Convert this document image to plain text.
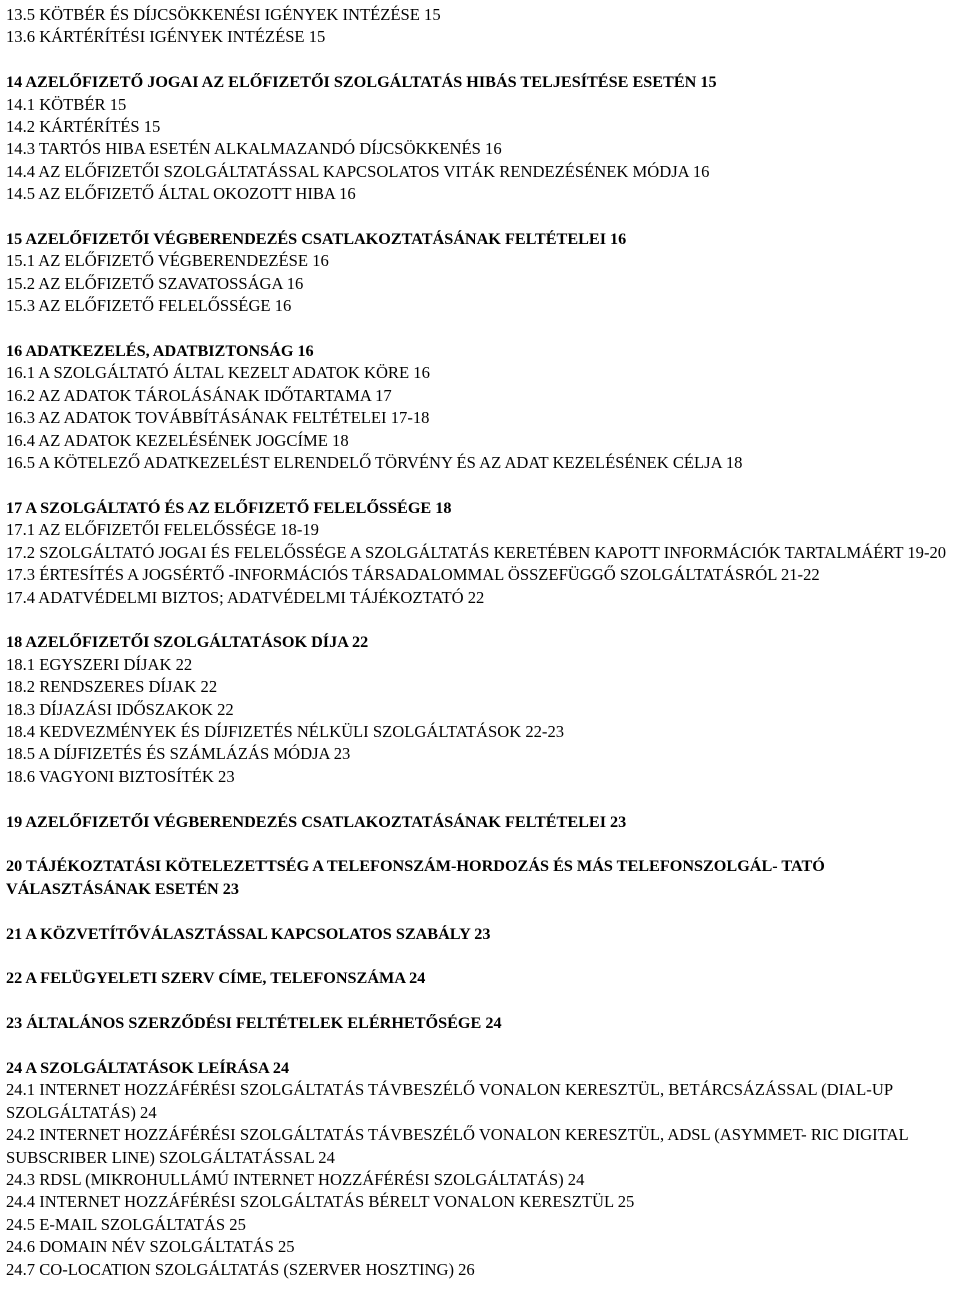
13.5 KÖTBÉR ÉS DÍJCSÖKKENÉSI IGÉNYEK INTÉZÉSE 15

13.6 KÁRTÉRÍTÉSI IGÉNYEK INTÉZÉSE 15

14 AZELŐFIZETŐ JOGAI AZ ELŐFIZETŐI SZOLGÁLTATÁS HIBÁS TELJESÍTÉSE ESETÉN 15

14.1 KÖTBÉR 15

14.2 KÁRTÉRÍTÉS 15

14.3 TARTÓS HIBA ESETÉN ALKALMAZANDÓ DÍJCSÖKKENÉS 16

14.4 AZ ELŐFIZETŐI SZOLGÁLTATÁSSAL KAPCSOLATOS VITÁK RENDEZÉSÉNEK MÓDJA 16

14.5 AZ ELŐFIZETŐ ÁLTAL OKOZOTT HIBA 16

15 AZELŐFIZETŐI VÉGBERENDEZÉS CSATLAKOZTATÁSÁNAK FELTÉTELEI 16

15.1 AZ ELŐFIZETŐ VÉGBERENDEZÉSE 16

15.2 AZ ELŐFIZETŐ SZAVATOSSÁGA 16

15.3 AZ ELŐFIZETŐ FELELŐSSÉGE 16

16 ADATKEZELÉS, ADATBIZTONSÁG 16

16.1 A SZOLGÁLTATÓ ÁLTAL KEZELT ADATOK KÖRE 16

16.2 AZ ADATOK TÁROLÁSÁNAK IDŐTARTAMA 17

16.3 AZ ADATOK TOVÁBBÍTÁSÁNAK FELTÉTELEI 17-18

16.4 AZ ADATOK KEZELÉSÉNEK JOGCÍME 18

16.5 A KÖTELEZŐ ADATKEZELÉST ELRENDELŐ TÖRVÉNY ÉS AZ ADAT KEZELÉSÉNEK CÉLJA 18

17 A SZOLGÁLTATÓ ÉS AZ ELŐFIZETŐ FELELŐSSÉGE 18

17.1 AZ ELŐFIZETŐI FELELŐSSÉGE 18-19

17.2 SZOLGÁLTATÓ JOGAI ÉS FELELŐSSÉGE A SZOLGÁLTATÁS KERETÉBEN KAPOTT INFORMÁCIÓK TARTALMÁÉRT 19-20

17.3 ÉRTESÍTÉS A JOGSÉRTŐ -INFORMÁCIÓS TÁRSADALOMMAL ÖSSZEFÜGGŐ SZOLGÁLTATÁSRÓL 21-22

17.4 ADATVÉDELMI BIZTOS; ADATVÉDELMI TÁJÉKOZTATÓ 22

18 AZELŐFIZETŐI SZOLGÁLTATÁSOK DÍJA 22

18.1 EGYSZERI DÍJAK 22

18.2 RENDSZERES DÍJAK 22

18.3 DÍJAZÁSI IDŐSZAKOK 22

18.4 KEDVEZMÉNYEK ÉS DÍJFIZETÉS NÉLKÜLI SZOLGÁLTATÁSOK 22-23

18.5 A DÍJFIZETÉS ÉS SZÁMLÁZÁS MÓDJA 23

18.6 VAGYONI BIZTOSÍTÉK 23

19 AZELŐFIZETŐI VÉGBERENDEZÉS CSATLAKOZTATÁSÁNAK FELTÉTELEI 23

20 TÁJÉKOZTATÁSI KÖTELEZETTSÉG A TELEFONSZÁM-HORDOZÁS ÉS MÁS TELEFONSZOLGÁL- TATÓ VÁLASZTÁSÁNAK ESETÉN 23

21 A KÖZVETÍTŐVÁLASZTÁSSAL KAPCSOLATOS SZABÁLY 23

22 A FELÜGYELETI SZERV CÍME, TELEFONSZÁMA 24

23 ÁLTALÁNOS SZERZŐDÉSI FELTÉTELEK ELÉRHETŐSÉGE 24

24 A SZOLGÁLTATÁSOK LEÍRÁSA 24

24.1 INTERNET HOZZÁFÉRÉSI SZOLGÁLTATÁS TÁVBESZÉLŐ VONALON KERESZTÜL, BETÁRCSÁZÁSSAL (DIAL-UP SZOLGÁLTATÁS) 24

24.2 INTERNET HOZZÁFÉRÉSI SZOLGÁLTATÁS TÁVBESZÉLŐ VONALON KERESZTÜL, ADSL (ASYMMET- RIC DIGITAL SUBSCRIBER LINE) SZOLGÁLTATÁSSAL 24

24.3 RDSL (MIKROHULLÁMÚ INTERNET HOZZÁFÉRÉSI SZOLGÁLTATÁS) 24

24.4 INTERNET HOZZÁFÉRÉSI SZOLGÁLTATÁS BÉRELT VONALON KERESZTÜL 25

24.5 E-MAIL SZOLGÁLTATÁS 25

24.6 DOMAIN NÉV SZOLGÁLTATÁS 25

24.7 CO-LOCATION SZOLGÁLTATÁS (SZERVER HOSZTING) 26
